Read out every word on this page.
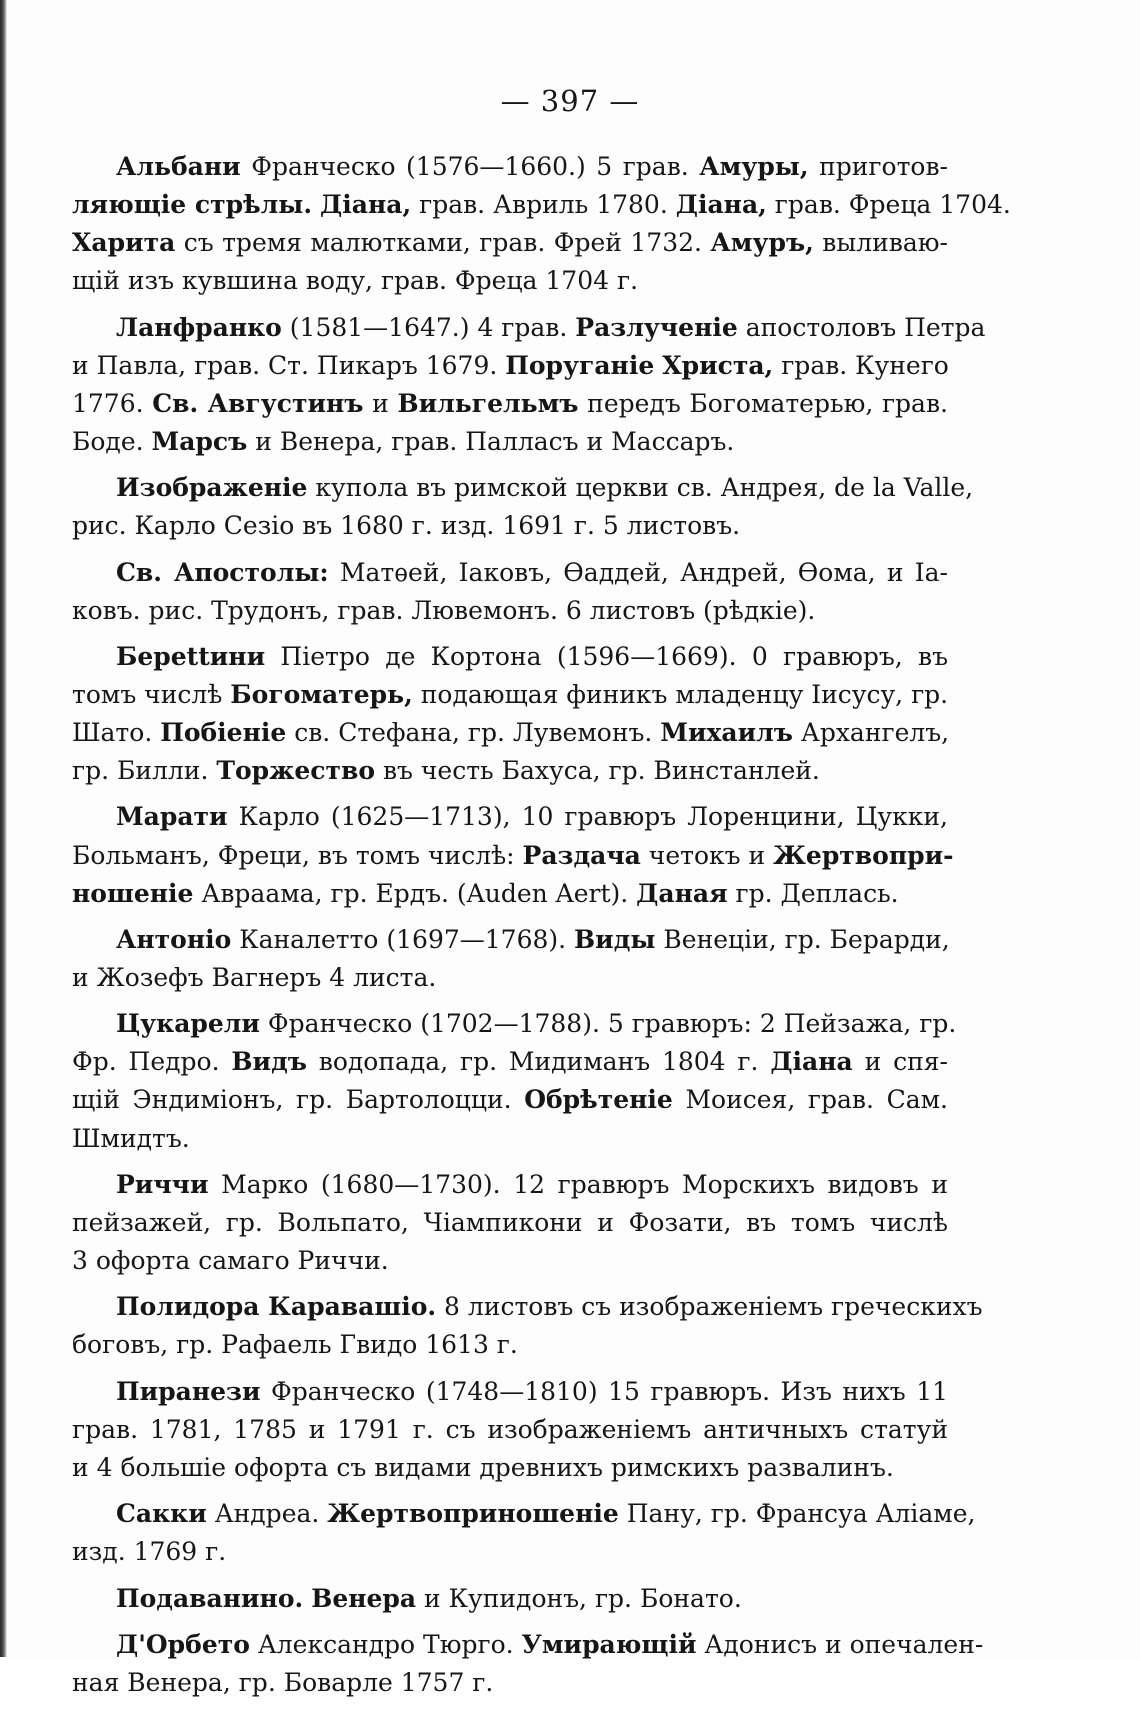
— 397 —
Альбани Франческо (1576—1660.) 5 грав. Амуры, приготов-
ляющіе стрѣлы. Діана, грав. Авриль 1780. Діана, грав. Фреца 1704.
Харита съ тремя малютками, грав. Фрей 1732. Амуръ, выливаю-
щій изъ кувшина воду, грав. Фреца 1704 г.
Ланфранко (1581—1647.) 4 грав. Разлученіе апостоловъ Петра
и Павла, грав. Ст. Пикаръ 1679. Поруганіе Христа, грав. Кунего
1776. Св. Августинъ и Вильгельмъ передъ Богоматерью, грав.
Боде. Марсъ и Венера, грав. Палласъ и Массаръ.
Изображеніе купола въ римской церкви св. Андрея, de la Valle,
рис. Карло Сезіо въ 1680 г. изд. 1691 г. 5 листовъ.
Св. Апостолы: Матѳей, Іаковъ, Ѳаддей, Андрей, Ѳома, и Іа-
ковъ. рис. Трудонъ, грав. Лювемонъ. 6 листовъ (рѣдкіе).
Берettини Піетро де Кортона (1596—1669). 0 гравюръ, въ
томъ числѣ Богоматерь, подающая финикъ младенцу Іисусу, гр.
Шато. Побіеніе св. Стефана, гр. Лувемонъ. Михаилъ Архангелъ,
гр. Билли. Торжество въ честь Бахуса, гр. Винстанлей.
Марати Карло (1625—1713), 10 гравюръ Лоренцини, Цукки,
Больманъ, Фреци, въ томъ числѣ: Раздача четокъ и Жертвопри-
ношеніе Авраама, гр. Ердъ. (Auden Aert). Даная гр. Деплась.
Антоніо Каналетто (1697—1768). Виды Венеціи, гр. Берарди,
и Жозефъ Вагнеръ 4 листа.
Цукарели Франческо (1702—1788). 5 гравюръ: 2 Пейзажа, гр.
Фр. Педро. Видъ водопада, гр. Мидиманъ 1804 г. Діана и спя-
щій Эндиміонъ, гр. Бартолоцци. Обрѣтеніе Моисея, грав. Сам.
Шмидтъ.
Риччи Марко (1680—1730). 12 гравюръ Морскихъ видовъ и
пейзажей, гр. Вольпато, Чіампикони и Фозати, въ томъ числѣ
3 офорта самаго Риччи.
Полидора Каравашіо. 8 листовъ съ изображеніемъ греческихъ
боговъ, гр. Рафаель Гвидо 1613 г.
Пиранези Франческо (1748—1810) 15 гравюръ. Изъ нихъ 11
грав. 1781, 1785 и 1791 г. съ изображеніемъ античныхъ статуй
и 4 большіе офорта съ видами древнихъ римскихъ развалинъ.
Сакки Андреа. Жертвоприношеніе Пану, гр. Франсуа Аліаме,
изд. 1769 г.
Подаванино. Венера и Купидонъ, гр. Бонато.
Д'Орбето Александро Тюрго. Умирающій Адонисъ и опечален-
ная Венера, гр. Боварле 1757 г.
